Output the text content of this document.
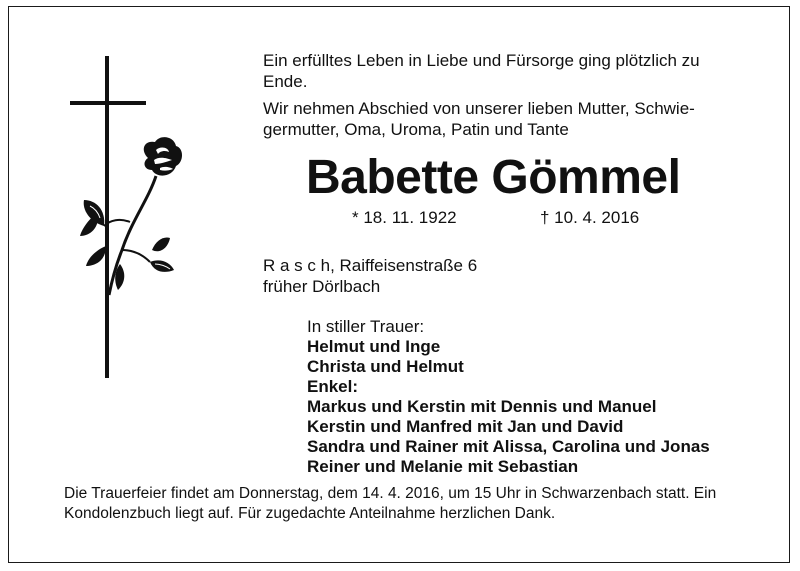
Ein erfülltes Leben in Liebe und Fürsorge ging plötzlich zu
Ende.
Wir nehmen Abschied von unserer lieben Mutter, Schwie-
germutter, Oma, Uroma, Patin und Tante
Babette Gömmel
* 18. 11. 1922	† 10. 4. 2016
R a s c h, Raiffeisenstraße 6
früher Dörlbach
In stiller Trauer:
Helmut und Inge
Christa und Helmut
Enkel:
Markus und Kerstin mit Dennis und Manuel
Kerstin und Manfred mit Jan und David
Sandra und Rainer mit Alissa, Carolina und Jonas
Reiner und Melanie mit Sebastian
Die Trauerfeier findet am Donnerstag, dem 14. 4. 2016, um 15 Uhr in Schwarzenbach statt. Ein
Kondolenzbuch liegt auf. Für zugedachte Anteilnahme herzlichen Dank.
